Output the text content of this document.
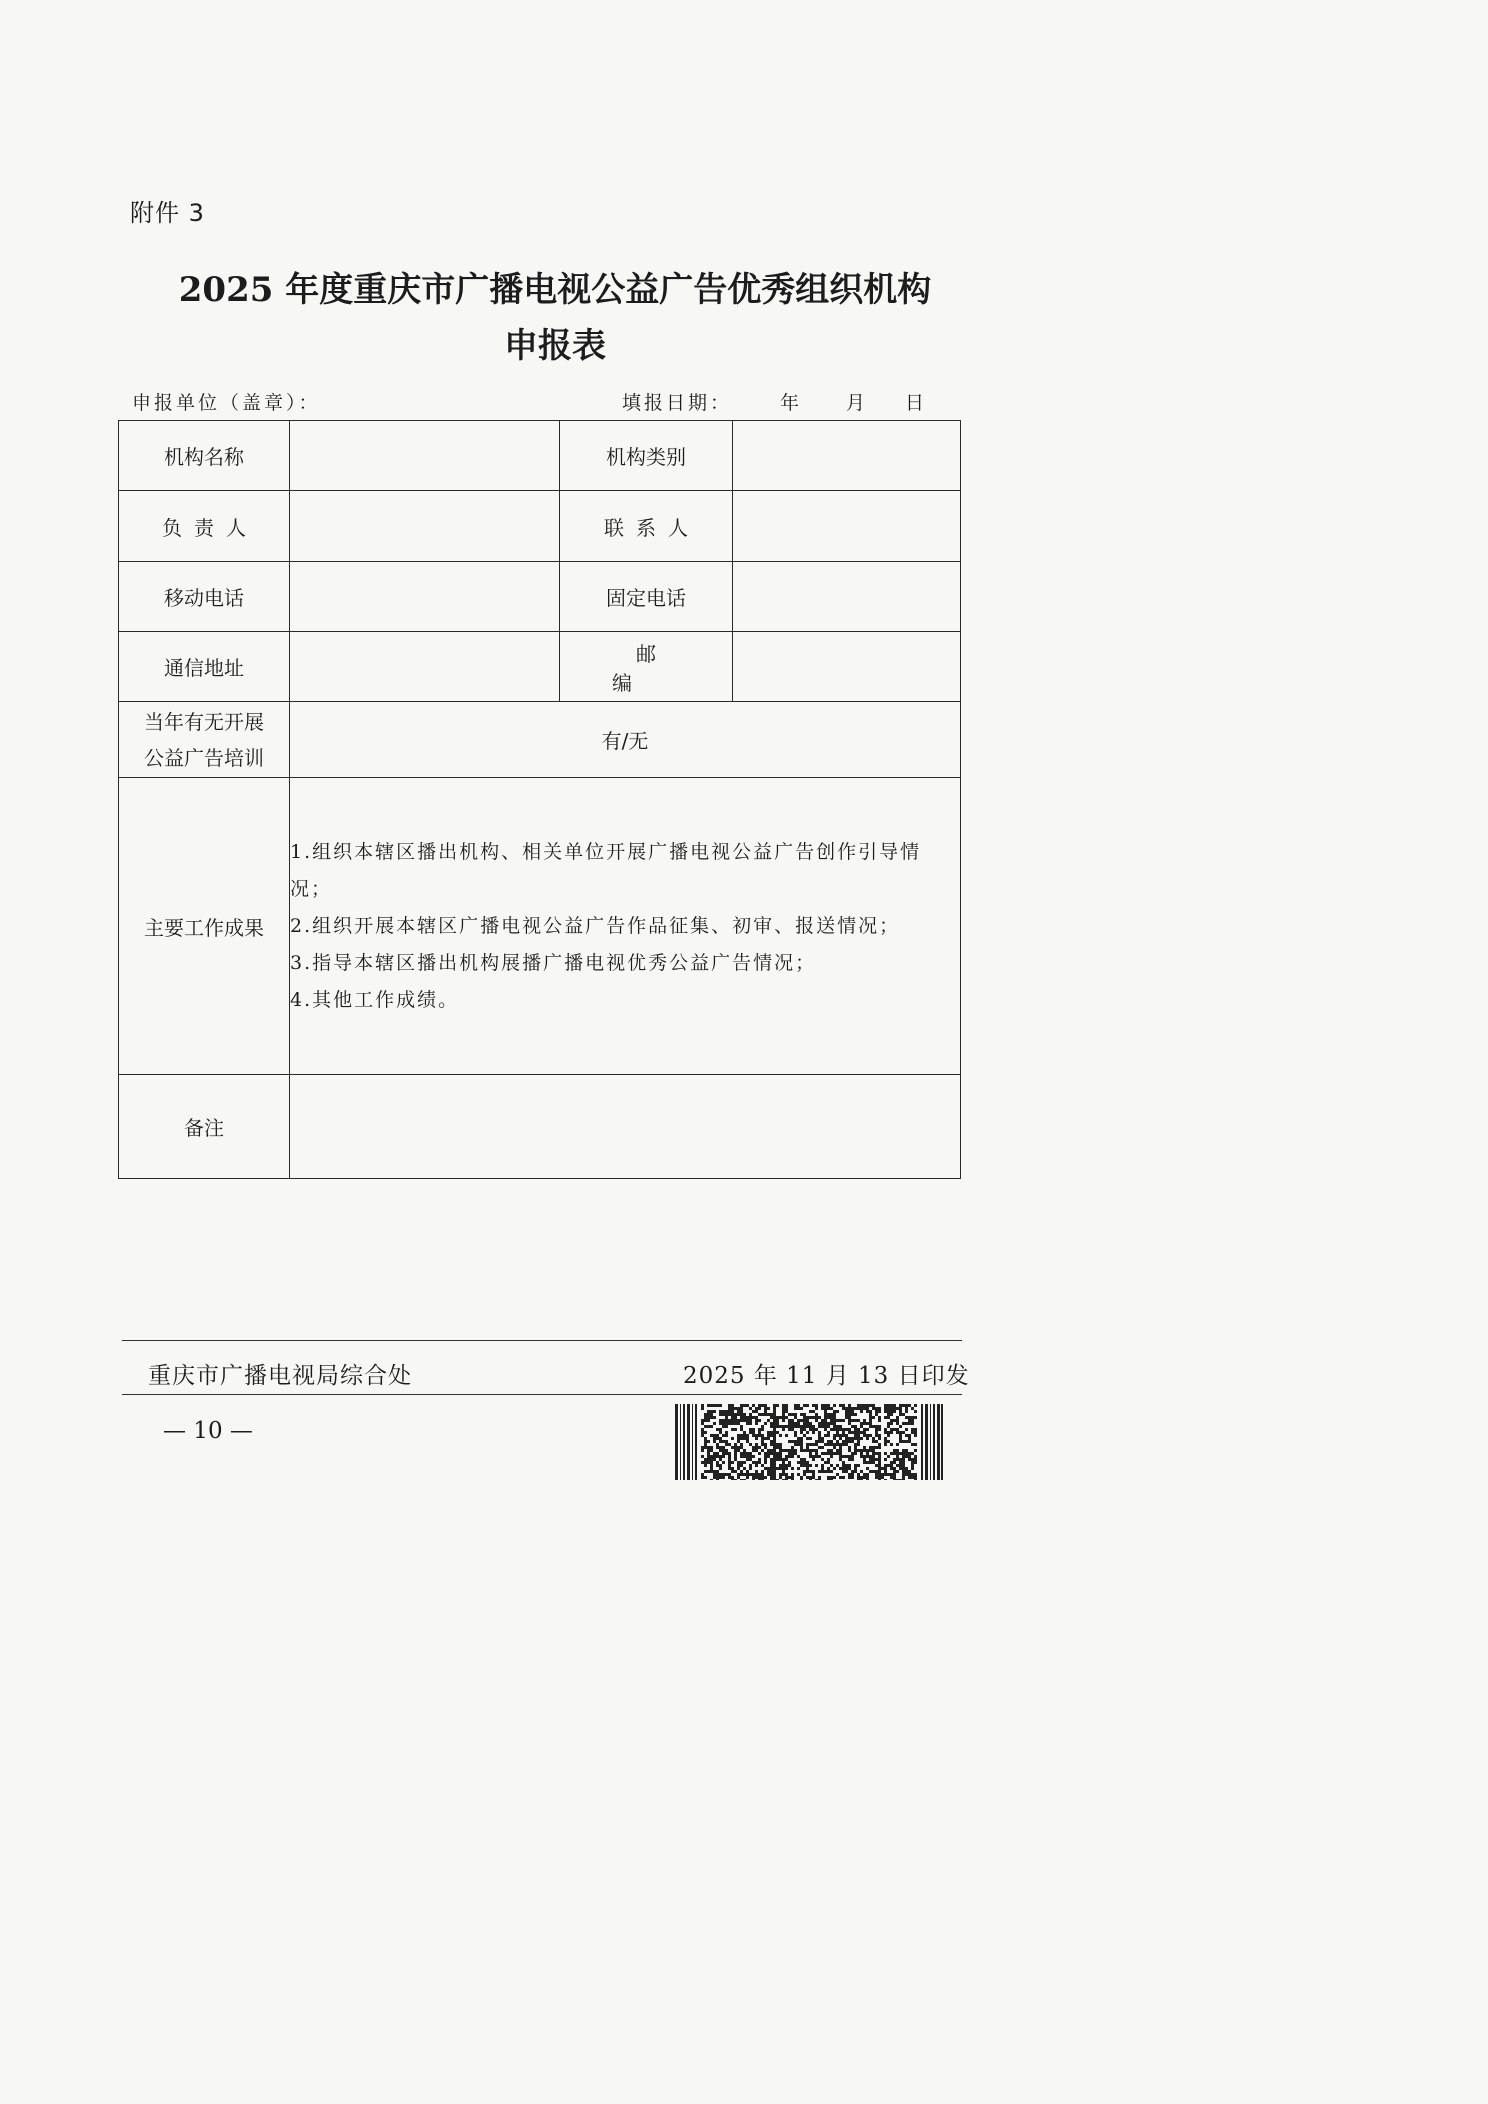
附件 3
2025 年度重庆市广播电视公益广告优秀组织机构
申报表
申报单位（盖章）：	填报日期：	年 月 日
机构名称		机构类别	
负责人		联系人	
移动电话		固定电话	
通信地址		邮编	

当年有无开展
公益广告培训	有/无		
主要工作成果	1.组织本辖区播出机构、相关单位开展广播电视公益广告创作引导情况；
2.组织开展本辖区广播电视公益广告作品征集、初审、报送情况；
3.指导本辖区播出机构展播广播电视优秀公益广告情况；
4.其他工作成绩。		

备注			
重庆市广播电视局综合处	2025 年 11 月 13 日印发
— 10 —
